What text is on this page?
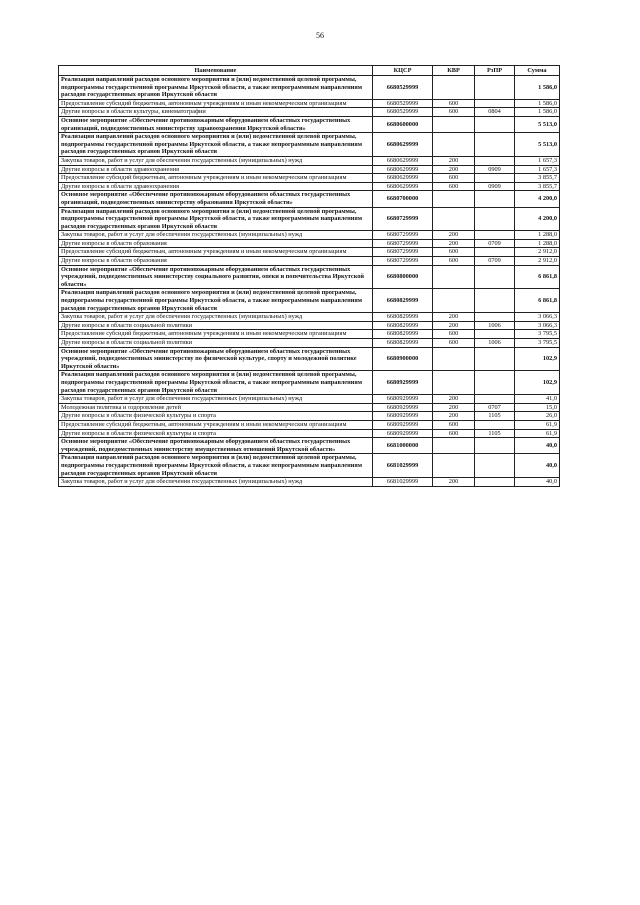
56
Наименование	КЦСР	КВР	РзПР	Сумма
Реализация направлений расходов основного мероприятия и (или) ведомственной целевой программы, подпрограммы государственной программы Иркутской области, а также непрограммным направлениям расходов государственных органов Иркутской области	6680529999			1 586,0
Предоставление субсидий бюджетным, автономным учреждениям и иным некоммерческим организациям	6680529999	600		1 586,0
Другие вопросы в области культуры, кинематографии	6680529999	600	0804	1 586,0
Основное мероприятие «Обеспечение противопожарным оборудованием областных государственных организаций, подведомственных министерству здравоохранения Иркутской области»	6680600000			5 513,0
Реализация направлений расходов основного мероприятия и (или) ведомственной целевой программы, подпрограммы государственной программы Иркутской области, а также непрограммным направлениям расходов государственных органов Иркутской области	6680629999			5 513,0
Закупка товаров, работ и услуг для обеспечения государственных (муниципальных) нужд	6680629999	200		1 657,3
Другие вопросы в области здравоохранения	6680629999	200	0909	1 657,3
Предоставление субсидий бюджетным, автономным учреждениям и иным некоммерческим организациям	6680629999	600		3 855,7
Другие вопросы в области здравоохранения	6680629999	600	0909	3 855,7
Основное мероприятие «Обеспечение противопожарным оборудованием областных государственных организаций, подведомственных министерству образования Иркутской области»	6680700000			4 200,0
Реализация направлений расходов основного мероприятия и (или) ведомственной целевой программы, подпрограммы государственной программы Иркутской области, а также непрограммным направлениям расходов государственных органов Иркутской области	6680729999			4 200,0
Закупка товаров, работ и услуг для обеспечения государственных (муниципальных) нужд	6680729999	200		1 288,0
Другие вопросы в области образования	6680729999	200	0709	1 288,0
Предоставление субсидий бюджетным, автономным учреждениям и иным некоммерческим организациям	6680729999	600		2 912,0
Другие вопросы в области образования	6680729999	600	0709	2 912,0
Основное мероприятие «Обеспечение противопожарным оборудованием областных государственных учреждений, подведомственных министерству социального развития, опеки и попечительства Иркутской области»	6680800000			6 861,8
Реализация направлений расходов основного мероприятия и (или) ведомственной целевой программы, подпрограммы государственной программы Иркутской области, а также непрограммным направлениям расходов государственных органов Иркутской области	6680829999			6 861,8
Закупка товаров, работ и услуг для обеспечения государственных (муниципальных) нужд	6680829999	200		3 066,3
Другие вопросы в области социальной политики	6680829999	200	1006	3 066,3
Предоставление субсидий бюджетным, автономным учреждениям и иным некоммерческим организациям	6680829999	600		3 795,5
Другие вопросы в области социальной политики	6680829999	600	1006	3 795,5
Основное мероприятие «Обеспечение противопожарным оборудованием областных государственных учреждений, подведомственных министерству по физической культуре, спорту и молодежной политике Иркутской области»	6680900000			102,9
Реализация направлений расходов основного мероприятия и (или) ведомственной целевой программы, подпрограммы государственной программы Иркутской области, а также непрограммным направлениям расходов государственных органов Иркутской области	6680929999			102,9
Закупка товаров, работ и услуг для обеспечения государственных (муниципальных) нужд	6680929999	200		41,0
Молодежная политика и оздоровление детей	6680929999	200	0707	15,0
Другие вопросы в области физической культуры и спорта	6680929999	200	1105	26,0
Предоставление субсидий бюджетным, автономным учреждениям и иным некоммерческим организациям	6680929999	600		61,9
Другие вопросы в области физической культуры и спорта	6680929999	600	1105	61,9
Основное мероприятие «Обеспечение противопожарным оборудованием областных государственных учреждений, подведомственных министерству имущественных отношений Иркутской области»	6681000000			40,0
Реализация направлений расходов основного мероприятия и (или) ведомственной целевой программы, подпрограммы государственной программы Иркутской области, а также непрограммным направлениям расходов государственных органов Иркутской области	6681029999			40,0
Закупка товаров, работ и услуг для обеспечения государственных (муниципальных) нужд	6681029999	200		40,0
